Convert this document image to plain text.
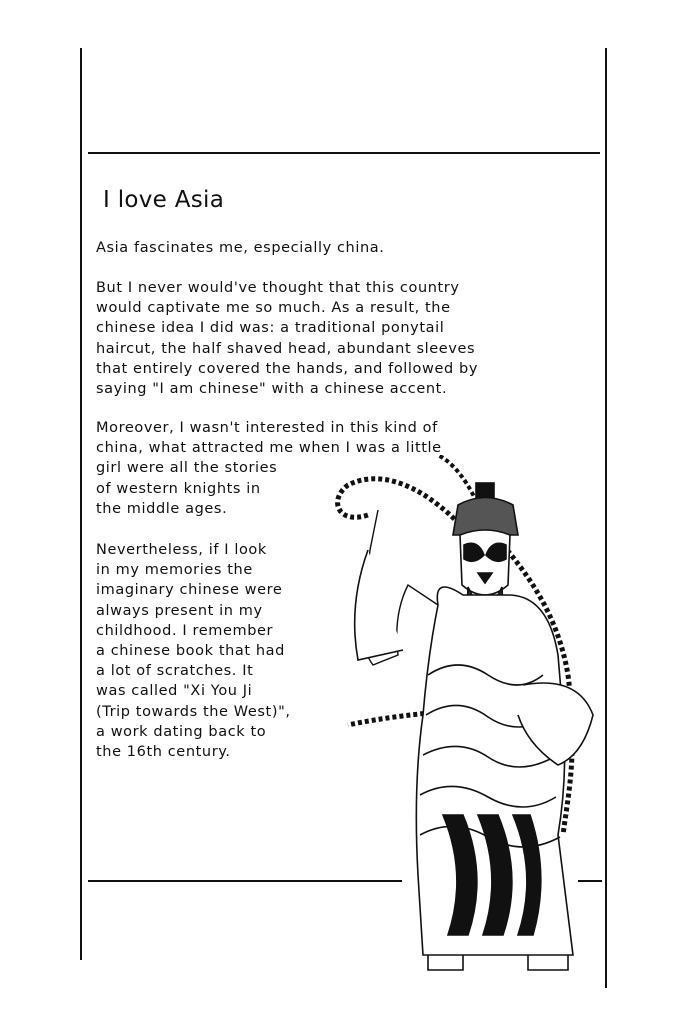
I love Asia
Asia fascinates me, especially china.
But I never would've thought that this country
would captivate me so much. As a result, the
chinese idea I did was: a traditional ponytail
haircut, the half shaved head, abundant sleeves
that entirely covered the hands, and followed by
saying "I am chinese" with a chinese accent.
Moreover, I wasn't interested in this kind of
china, what attracted me when I was a little
girl were all the stories
of western knights in
the middle ages.
Nevertheless, if I look
in my memories the
imaginary chinese were
always present in my
childhood. I remember
a chinese book that had
a lot of scratches. It
was called "Xi You Ji
(Trip towards the West)",
a work dating back to
the 16th century.
